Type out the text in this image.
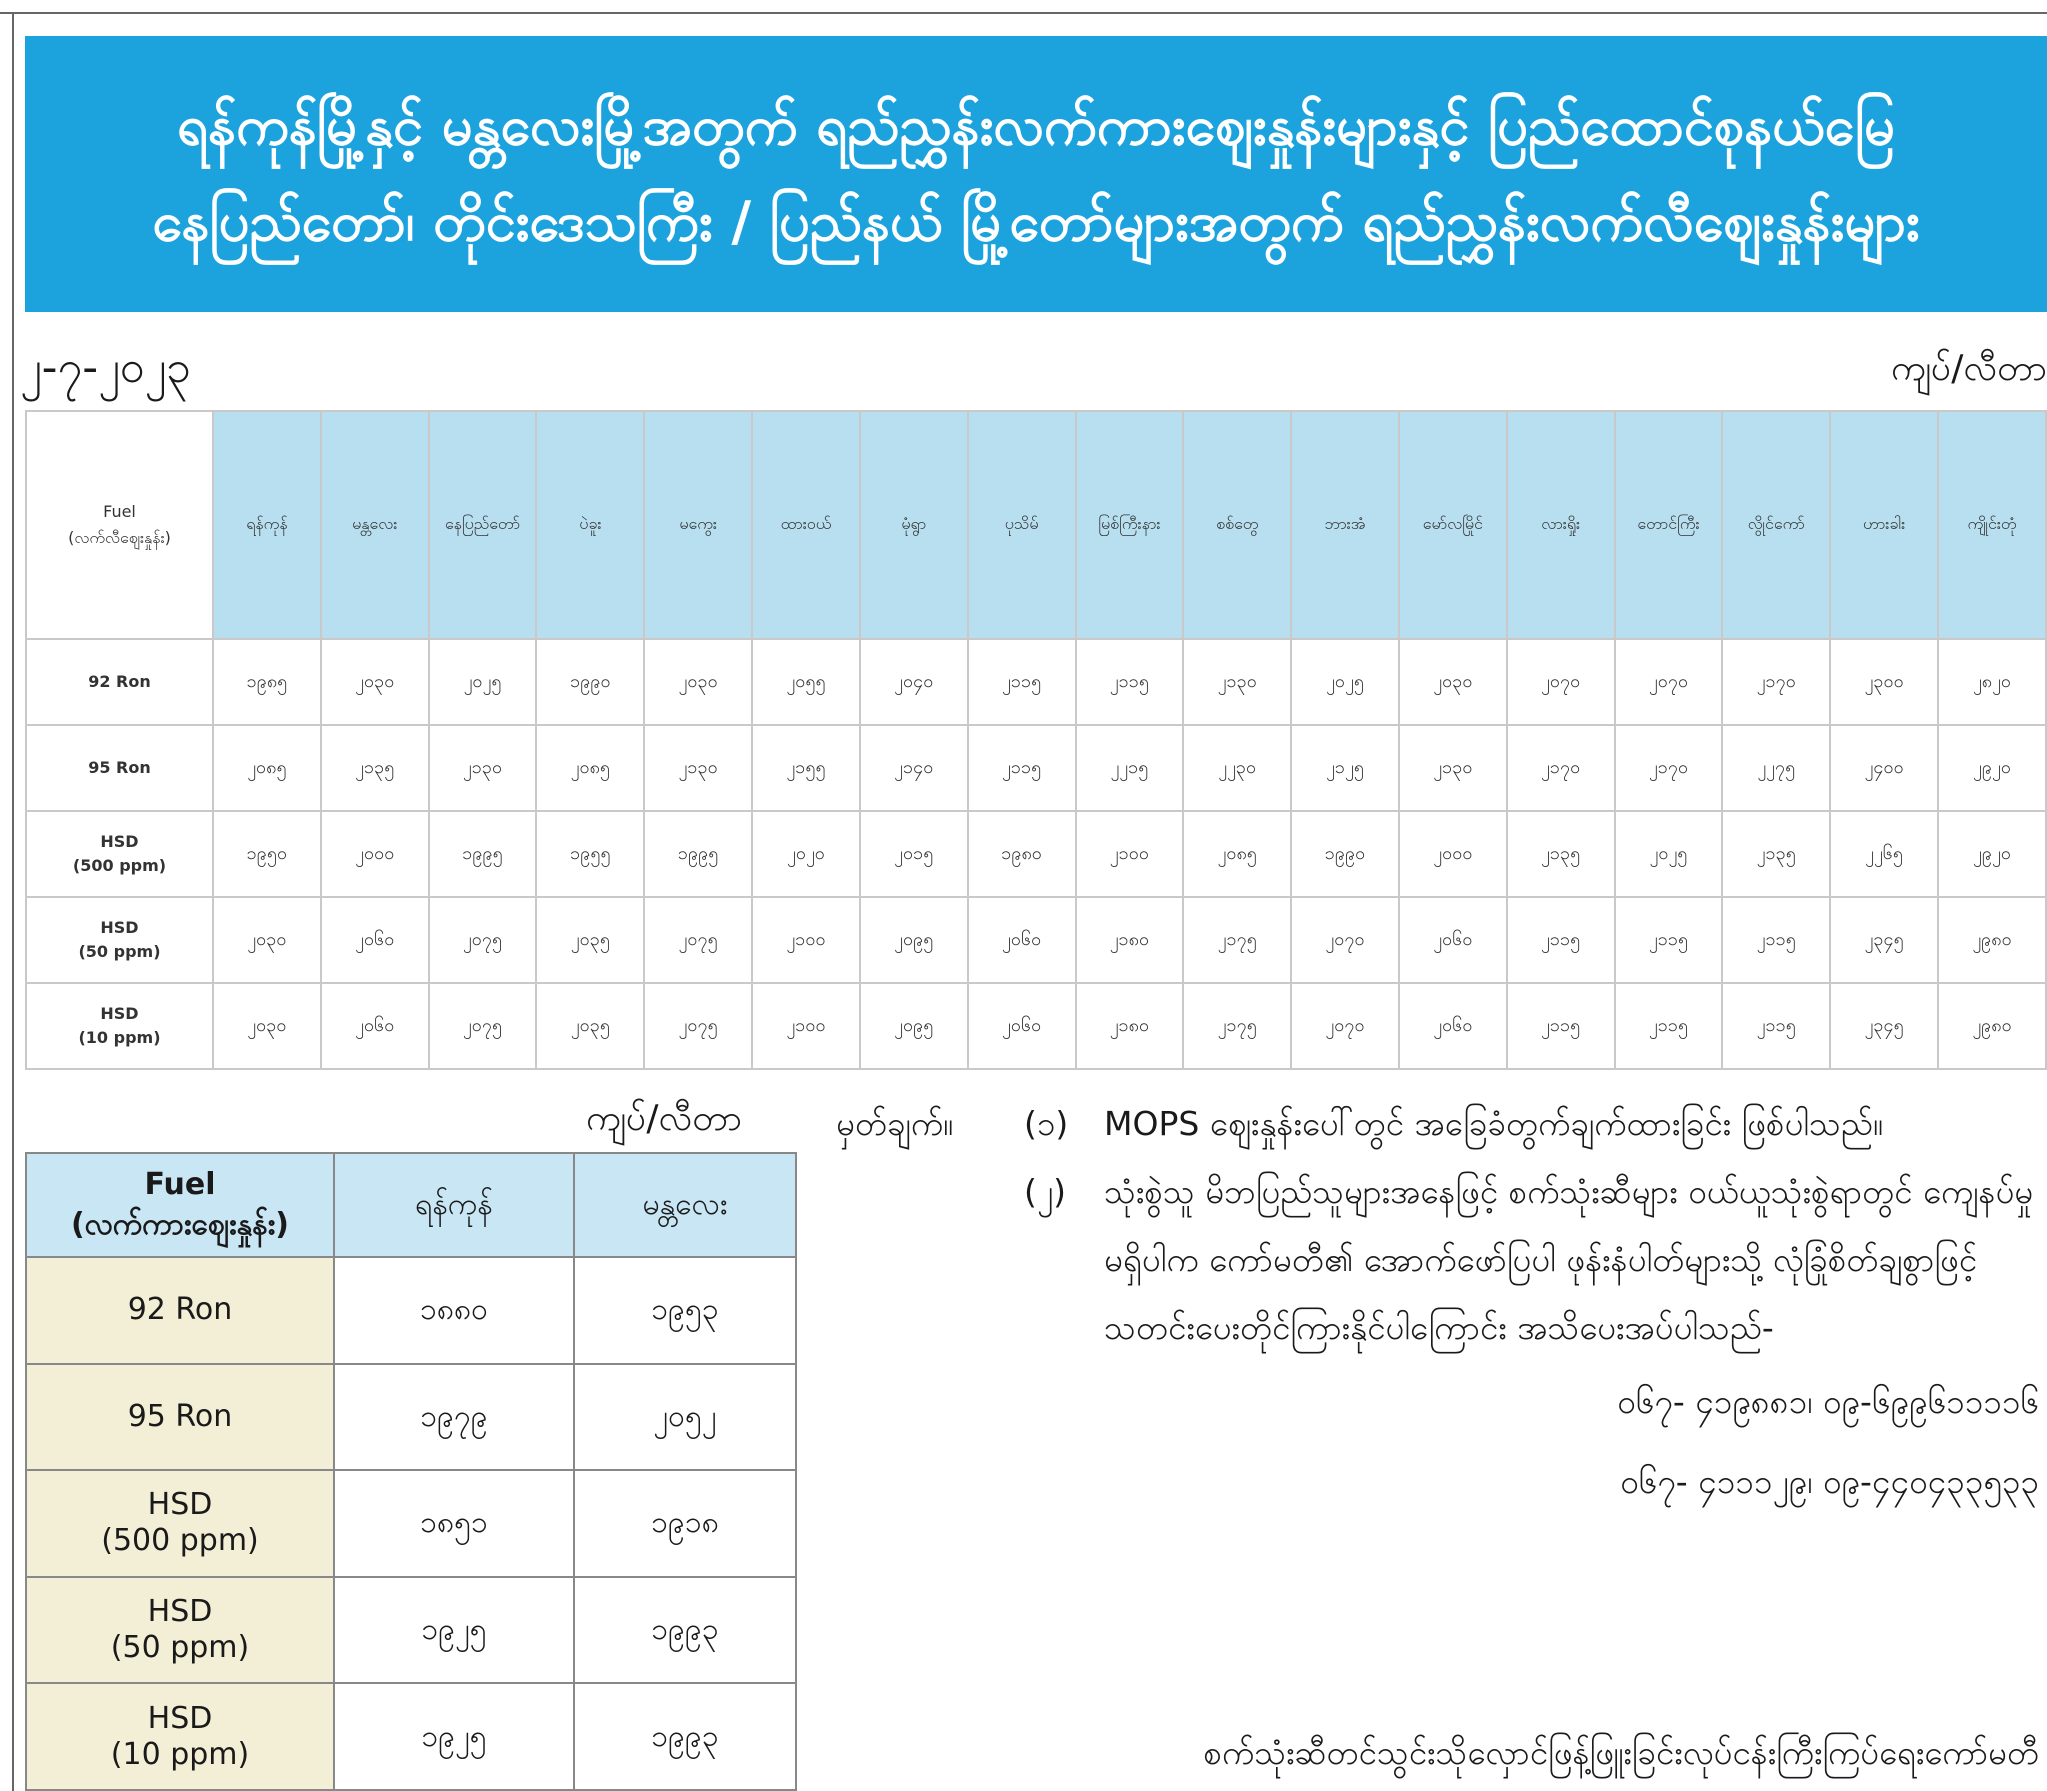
ရန်ကုန်မြို့နှင့် မန္တလေးမြို့အတွက် ရည်ညွှန်းလက်ကားဈေးနှုန်းများနှင့် ပြည်ထောင်စုနယ်မြေ
နေပြည်တော်၊ တိုင်းဒေသကြီး / ပြည်နယ် မြို့တော်များအတွက် ရည်ညွှန်းလက်လီဈေးနှုန်းများ
၂-၇-၂၀၂၃	ကျပ်/လီတာ
Fuel
(လက်လီဈေးနှုန်း)	ရန်ကုန်	မန္တလေး	နေပြည်တော်	ပဲခူး	မကွေး	ထားဝယ်	မုံရွာ	ပုသိမ်	မြစ်ကြီးနား	စစ်တွေ	ဘားအံ	မော်လမြိုင်	လားရှိုး	တောင်ကြီး	လွိုင်ကော်	ဟားခါး	ကျိုင်းတုံ

92 Ron	၁၉၈၅	၂၀၃၀	၂၀၂၅	၁၉၉၀	၂၀၃၀	၂၀၅၅	၂၀၄၀	၂၁၁၅	၂၁၁၅	၂၁၃၀	၂၀၂၅	၂၀၃၀	၂၀၇၀	၂၀၇၀	၂၁၇၀	၂၃၀၀	၂၈၂၀

95 Ron	၂၀၈၅	၂၁၃၅	၂၁၃၀	၂၀၈၅	၂၁၃၀	၂၁၅၅	၂၁၄၀	၂၁၁၅	၂၂၁၅	၂၂၃၀	၂၁၂၅	၂၁၃၀	၂၁၇၀	၂၁၇၀	၂၂၇၅	၂၄၀၀	၂၉၂၀

HSD
(500 ppm)	၁၉၅၀	၂၀၀၀	၁၉၉၅	၁၉၅၅	၁၉၉၅	၂၀၂၀	၂၀၁၅	၁၉၈၀	၂၁၀၀	၂၀၈၅	၁၉၉၀	၂၀၀၀	၂၁၃၅	၂၀၂၅	၂၁၃၅	၂၂၆၅	၂၉၂၀

HSD
(50 ppm)	၂၀၃၀	၂၀၆၀	၂၀၇၅	၂၀၃၅	၂၀၇၅	၂၁၀၀	၂၀၉၅	၂၀၆၀	၂၁၈၀	၂၁၇၅	၂၀၇၀	၂၀၆၀	၂၁၁၅	၂၁၁၅	၂၁၁၅	၂၃၄၅	၂၉၈၀

HSD
(10 ppm)	၂၀၃၀	၂၀၆၀	၂၀၇၅	၂၀၃၅	၂၀၇၅	၂၁၀၀	၂၀၉၅	၂၀၆၀	၂၁၈၀	၂၁၇၅	၂၀၇၀	၂၀၆၀	၂၁၁၅	၂၁၁၅	၂၁၁၅	၂၃၄၅	၂၉၈၀
ကျပ်/လီတာ
Fuel
(လက်ကားဈေးနှုန်း)	ရန်ကုန်	မန္တလေး

92 Ron	၁၈၈၀	၁၉၅၃

95 Ron	၁၉၇၉	၂၀၅၂

HSD
(500 ppm)	၁၈၅၁	၁၉၁၈

HSD
(50 ppm)	၁၉၂၅	၁၉၉၃

HSD
(10 ppm)	၁၉၂၅	၁၉၉၃
မှတ်ချက်။ (၁) MOPS ဈေးနှုန်းပေါ်တွင် အခြေခံတွက်ချက်ထားခြင်း ဖြစ်ပါသည်။
(၂) သုံးစွဲသူ မိဘပြည်သူများအနေဖြင့် စက်သုံးဆီများ ဝယ်ယူသုံးစွဲရာတွင် ကျေနပ်မှုမရှိပါက ကော်မတီ၏ အောက်ဖော်ပြပါ ဖုန်းနံပါတ်များသို့ လုံခြုံစိတ်ချစွာဖြင့် သတင်းပေးတိုင်ကြားနိုင်ပါကြောင်း အသိပေးအပ်ပါသည်-
၀၆၇- ၄၁၉၈၈၁၊ ၀၉-၆၉၉၆၁၁၁၁၆
၀၆၇- ၄၁၁၁၂၉၊ ၀၉-၄၄၀၄၃၃၅၃၃
စက်သုံးဆီတင်သွင်းသိုလှောင်ဖြန့်ဖြူးခြင်းလုပ်ငန်းကြီးကြပ်ရေးကော်မတီ
